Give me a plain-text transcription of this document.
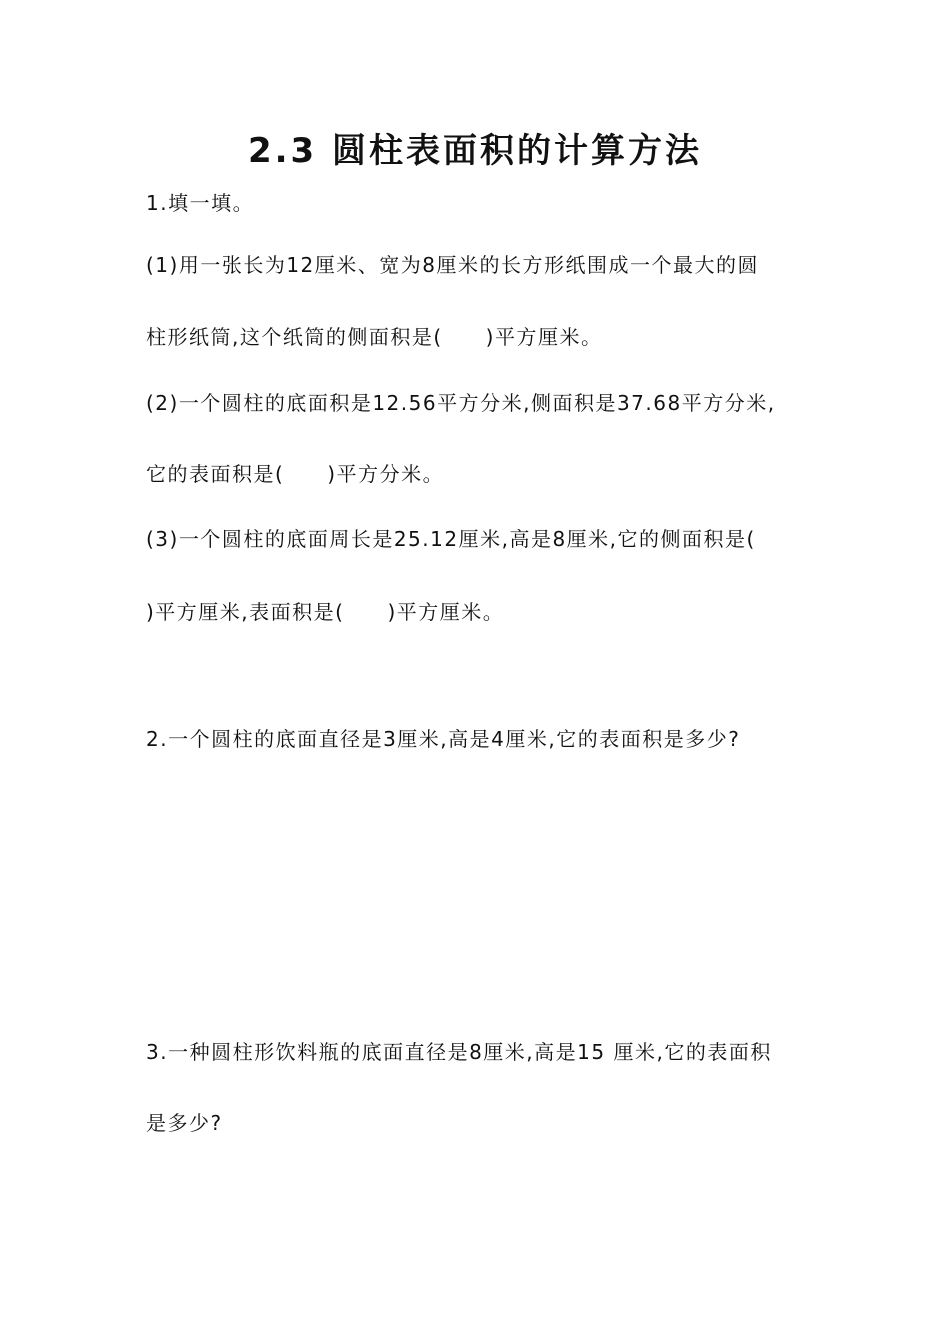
2.3 圆柱表面积的计算方法
1.填一填。
(1)用一张长为12厘米、宽为8厘米的长方形纸围成一个最大的圆
柱形纸筒,这个纸筒的侧面积是(　　)平方厘米。
(2)一个圆柱的底面积是12.56平方分米,侧面积是37.68平方分米,
它的表面积是(　　)平方分米。
(3)一个圆柱的底面周长是25.12厘米,高是8厘米,它的侧面积是(
)平方厘米,表面积是(　　)平方厘米。
2.一个圆柱的底面直径是3厘米,高是4厘米,它的表面积是多少?
3.一种圆柱形饮料瓶的底面直径是8厘米,高是15 厘米,它的表面积
是多少?
